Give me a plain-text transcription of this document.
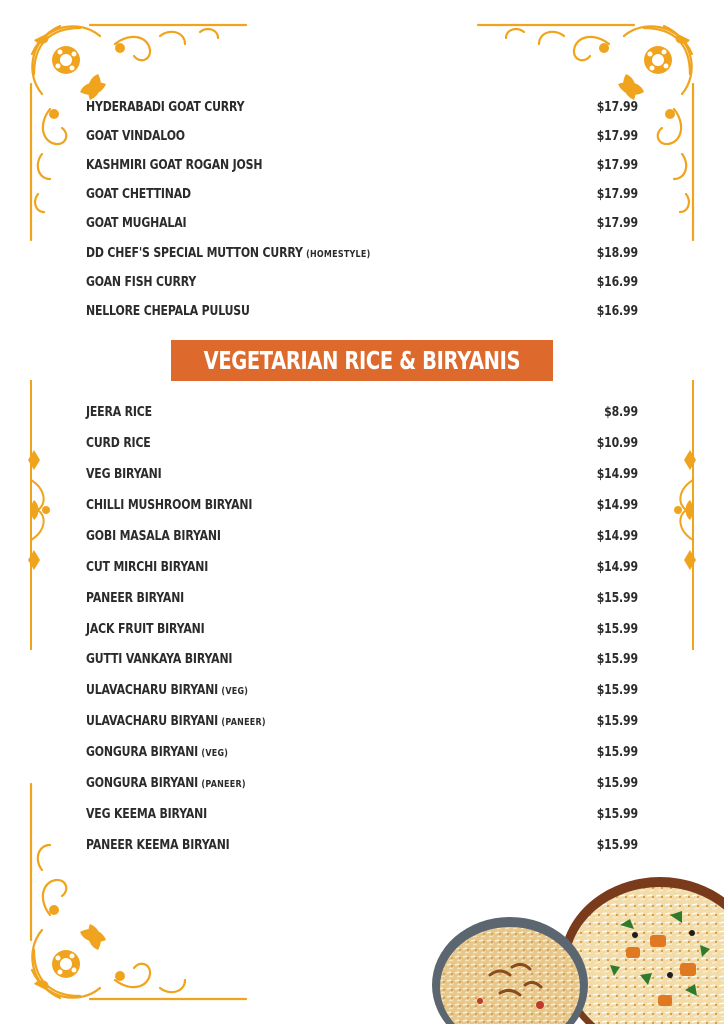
HYDERABADI GOAT CURRY	$17.99
GOAT VINDALOO	$17.99
KASHMIRI GOAT ROGAN JOSH	$17.99
GOAT CHETTINAD	$17.99
GOAT MUGHALAI	$17.99
DD CHEF'S SPECIAL MUTTON CURRY (HOMESTYLE)	$18.99
GOAN FISH CURRY	$16.99
NELLORE CHEPALA PULUSU	$16.99
VEGETARIAN RICE & BIRYANIS
JEERA RICE	$8.99
CURD RICE	$10.99
VEG BIRYANI	$14.99
CHILLI MUSHROOM BIRYANI	$14.99
GOBI MASALA BIRYANI	$14.99
CUT MIRCHI BIRYANI	$14.99
PANEER BIRYANI	$15.99
JACK FRUIT BIRYANI	$15.99
GUTTI VANKAYA BIRYANI	$15.99
ULAVACHARU BIRYANI (VEG)	$15.99
ULAVACHARU BIRYANI (PANEER)	$15.99
GONGURA BIRYANI (VEG)	$15.99
GONGURA BIRYANI (PANEER)	$15.99
VEG KEEMA BIRYANI	$15.99
PANEER KEEMA BIRYANI	$15.99
